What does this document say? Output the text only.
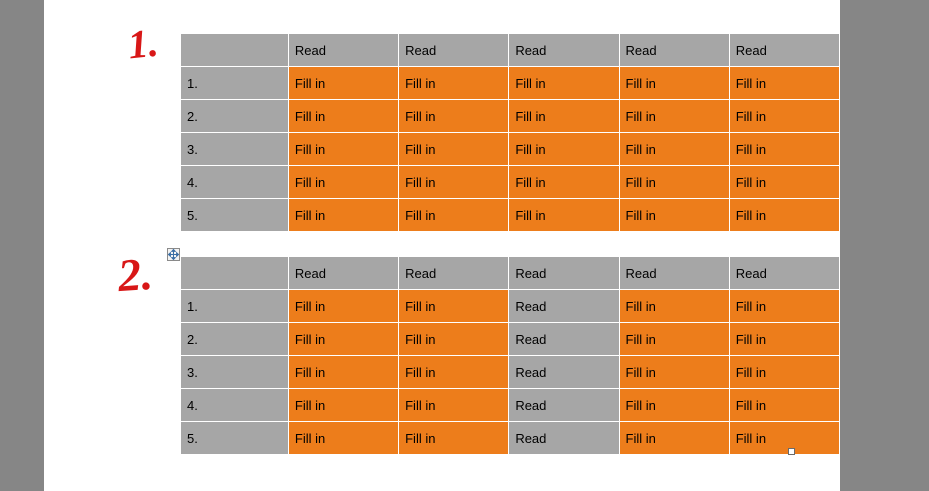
1.
2.
	Read	Read	Read	Read	Read
1.	Fill in	Fill in	Fill in	Fill in	Fill in
2.	Fill in	Fill in	Fill in	Fill in	Fill in
3.	Fill in	Fill in	Fill in	Fill in	Fill in
4.	Fill in	Fill in	Fill in	Fill in	Fill in
5.	Fill in	Fill in	Fill in	Fill in	Fill in
	Read	Read	Read	Read	Read
1.	Fill in	Fill in	Read	Fill in	Fill in
2.	Fill in	Fill in	Read	Fill in	Fill in
3.	Fill in	Fill in	Read	Fill in	Fill in
4.	Fill in	Fill in	Read	Fill in	Fill in
5.	Fill in	Fill in	Read	Fill in	Fill in
